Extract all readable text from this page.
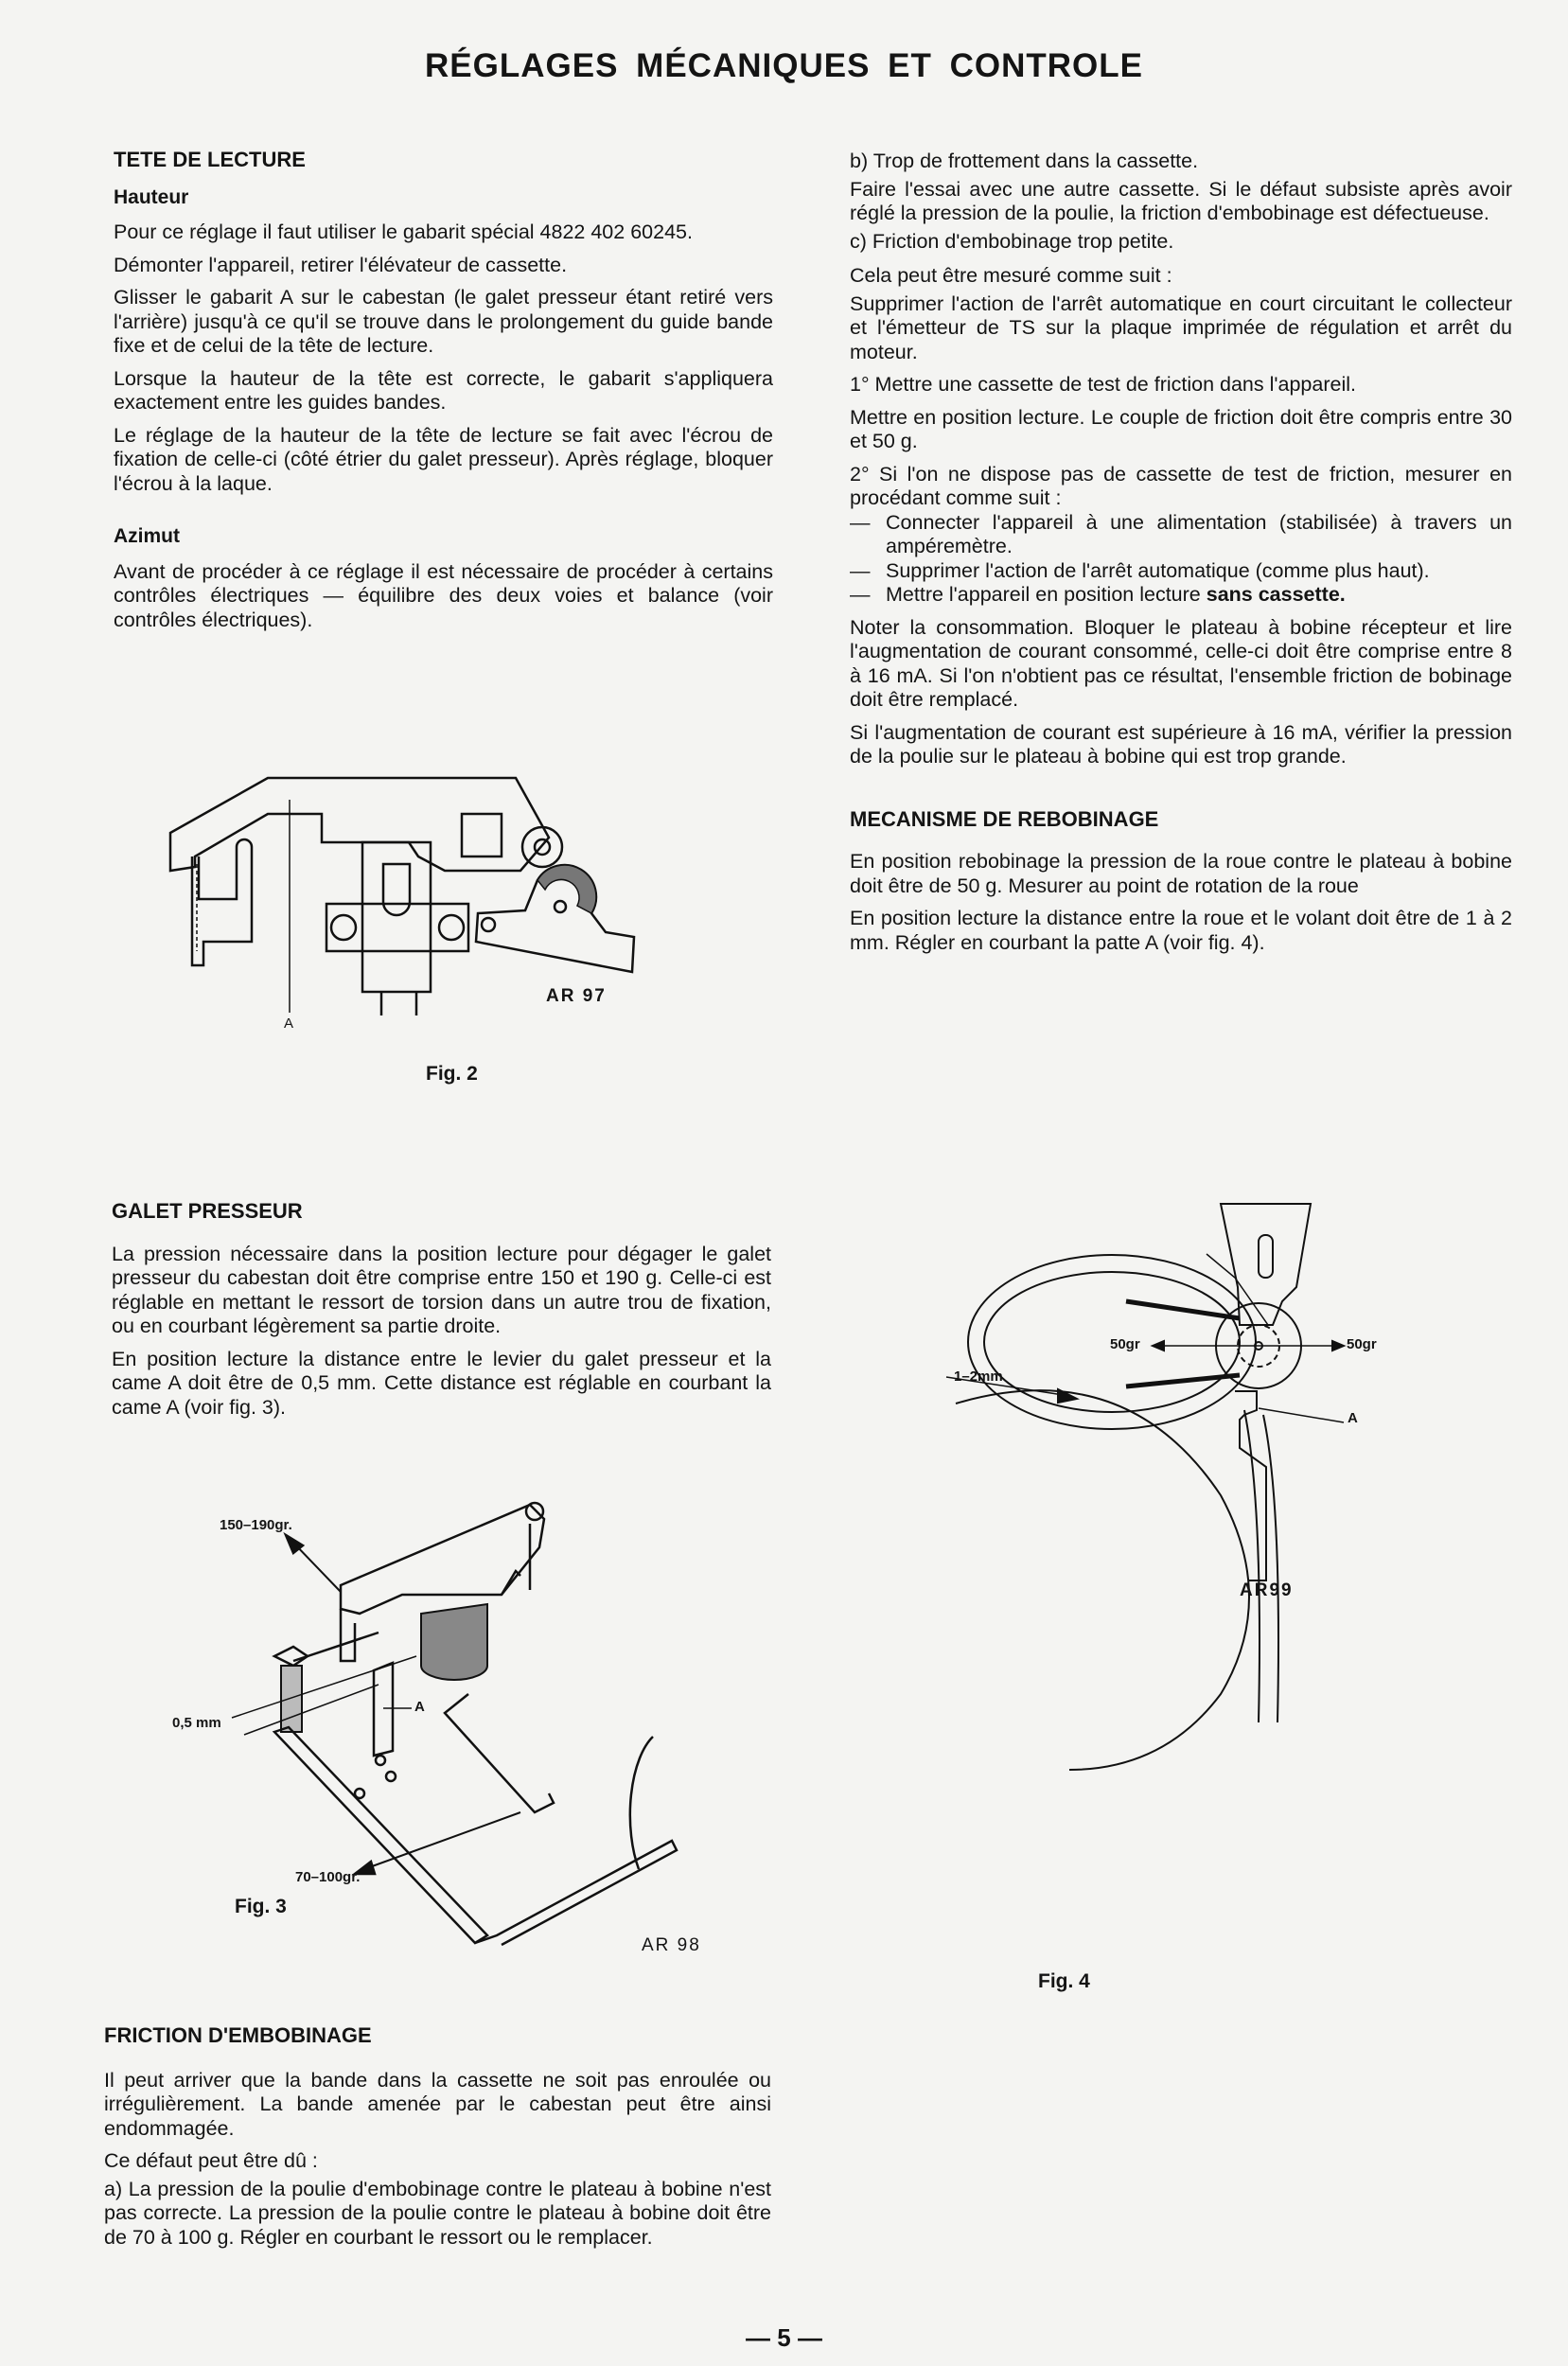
RÉGLAGES MÉCANIQUES ET CONTROLE
TETE DE LECTURE
Hauteur

Pour ce réglage il faut utiliser le gabarit spécial 4822 402 60245.

Démonter l'appareil, retirer l'élévateur de cassette.

Glisser le gabarit A sur le cabestan (le galet presseur étant retiré vers l'arrière) jusqu'à ce qu'il se trouve dans le prolongement du guide bande fixe et de celui de la tête de lecture.

Lorsque la hauteur de la tête est correcte, le gabarit s'appliquera exactement entre les guides bandes.

Le réglage de la hauteur de la tête de lecture se fait avec l'écrou de fixation de celle-ci (côté étrier du galet presseur). Après réglage, bloquer l'écrou à la laque.

Azimut

Avant de procéder à ce réglage il est nécessaire de procéder à certains contrôles électriques — équilibre des deux voies et balance (voir contrôles électriques).

A
AR 97
Fig. 2
GALET PRESSEUR

La pression nécessaire dans la position lecture pour dégager le galet presseur du cabestan doit être comprise entre 150 et 190 g. Celle-ci est réglable en mettant le ressort de torsion dans un autre trou de fixation, ou en courbant légèrement sa partie droite.

En position lecture la distance entre le levier du galet presseur et la came A doit être de 0,5 mm. Cette distance est réglable en courbant la came A (voir fig. 3).

150–190gr.
0,5 mm
A
70–100gr.
Fig. 3
AR 98
FRICTION D'EMBOBINAGE

Il peut arriver que la bande dans la cassette ne soit pas enroulée ou irrégulièrement. La bande amenée par le cabestan peut être ainsi endommagée.

Ce défaut peut être dû :

a) La pression de la poulie d'embobinage contre le plateau à bobine n'est pas correcte. La pression de la poulie contre le plateau à bobine doit être de 70 à 100 g. Régler en courbant le ressort ou le remplacer.

b) Trop de frottement dans la cassette.

Faire l'essai avec une autre cassette. Si le défaut subsiste après avoir réglé la pression de la poulie, la friction d'embobinage est défectueuse.

c) Friction d'embobinage trop petite.

Cela peut être mesuré comme suit :

Supprimer l'action de l'arrêt automatique en court circuitant le collecteur et l'émetteur de TS sur la plaque imprimée de régulation et arrêt du moteur.

1° Mettre une cassette de test de friction dans l'appareil.

Mettre en position lecture. Le couple de friction doit être compris entre 30 et 50 g.

2° Si l'on ne dispose pas de cassette de test de friction, mesurer en procédant comme suit :

— Connecter l'appareil à une alimentation (stabilisée) à travers un ampéremètre.
— Supprimer l'action de l'arrêt automatique (comme plus haut).
— Mettre l'appareil en position lecture sans cassette.

Noter la consommation. Bloquer le plateau à bobine récepteur et lire l'augmentation de courant consommé, celle-ci doit être comprise entre 8 à 16 mA. Si l'on n'obtient pas ce résultat, l'ensemble friction de bobinage doit être remplacé.

Si l'augmentation de courant est supérieure à 16 mA, vérifier la pression de la poulie sur le plateau à bobine qui est trop grande.

MECANISME DE REBOBINAGE

En position rebobinage la pression de la roue contre le plateau à bobine doit être de 50 g. Mesurer au point de rotation de la roue

En position lecture la distance entre la roue et le volant doit être de 1 à 2 mm. Régler en courbant la patte A (voir fig. 4).

50gr	50gr
1–2mm
A
AR99
Fig. 4
— 5 —
